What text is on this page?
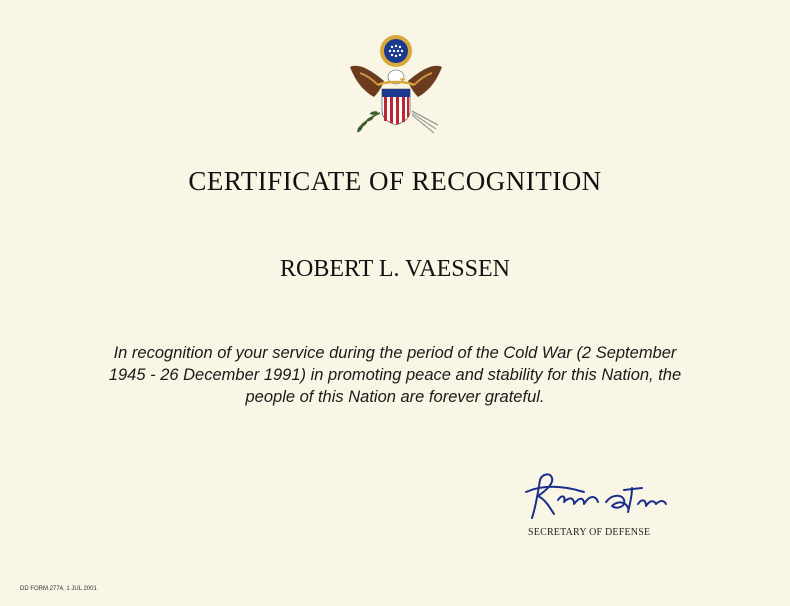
CERTIFICATE OF RECOGNITION
ROBERT L. VAESSEN
In recognition of your service during the period of the Cold War (2 September 1945 - 26 December 1991) in promoting peace and stability for this Nation, the people of this Nation are forever grateful.
SECRETARY OF DEFENSE
DD FORM 2774, 1 JUL 2001
